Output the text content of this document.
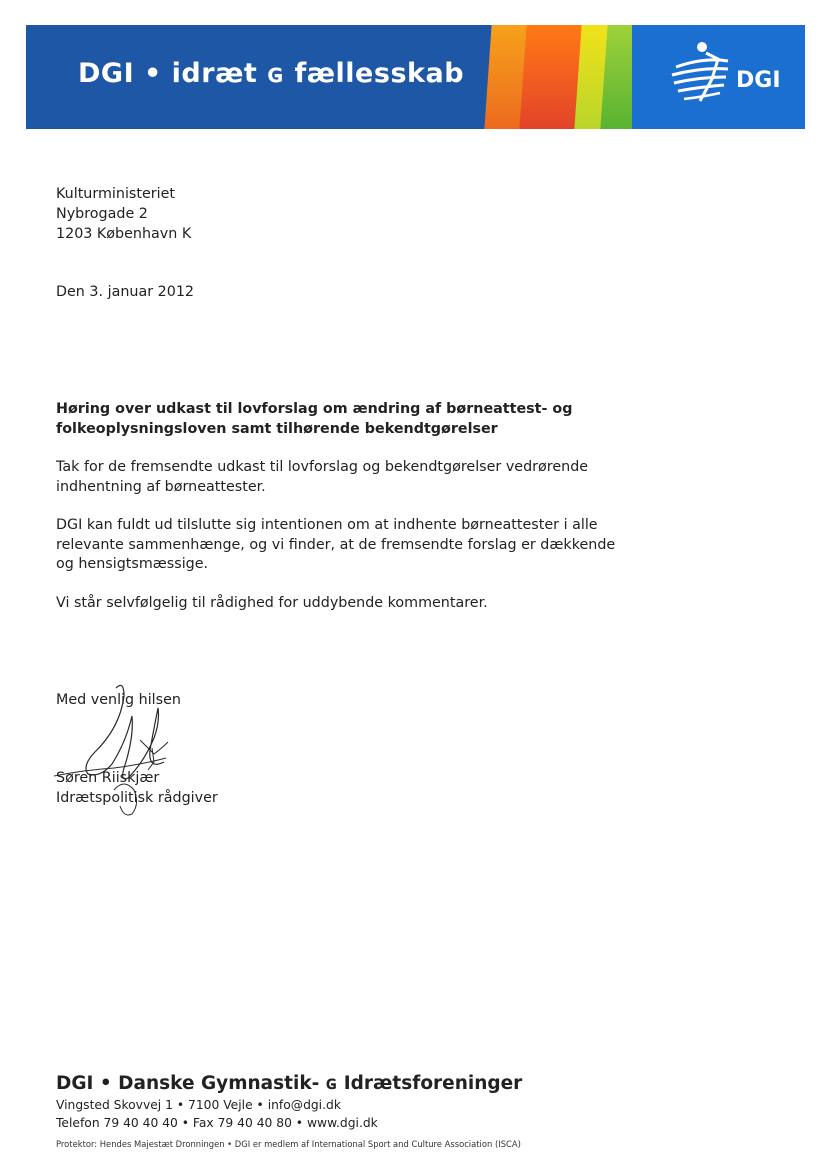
DGI • idræt ɢ fællesskab	DGI
Kulturministeriet
Nybrogade 2
1203 København K
Den 3. januar 2012
Høring over udkast til lovforslag om ændring af børneattest- og
folkeoplysningsloven samt tilhørende bekendtgørelser
Tak for de fremsendte udkast til lovforslag og bekendtgørelser vedrørende
indhentning af børneattester.
DGI kan fuldt ud tilslutte sig intentionen om at indhente børneattester i alle
relevante sammenhænge, og vi finder, at de fremsendte forslag er dækkende
og hensigtsmæssige.
Vi står selvfølgelig til rådighed for uddybende kommentarer.
Med venlig hilsen
Søren Riiskjær
Idrætspolitisk rådgiver
DGI • Danske Gymnastik- ɢ Idrætsforeninger
Vingsted Skovvej 1 • 7100 Vejle • info@dgi.dk
Telefon 79 40 40 40 • Fax 79 40 40 80 • www.dgi.dk
Protektor: Hendes Majestæt Dronningen • DGI er medlem af International Sport and Culture Association (ISCA)
